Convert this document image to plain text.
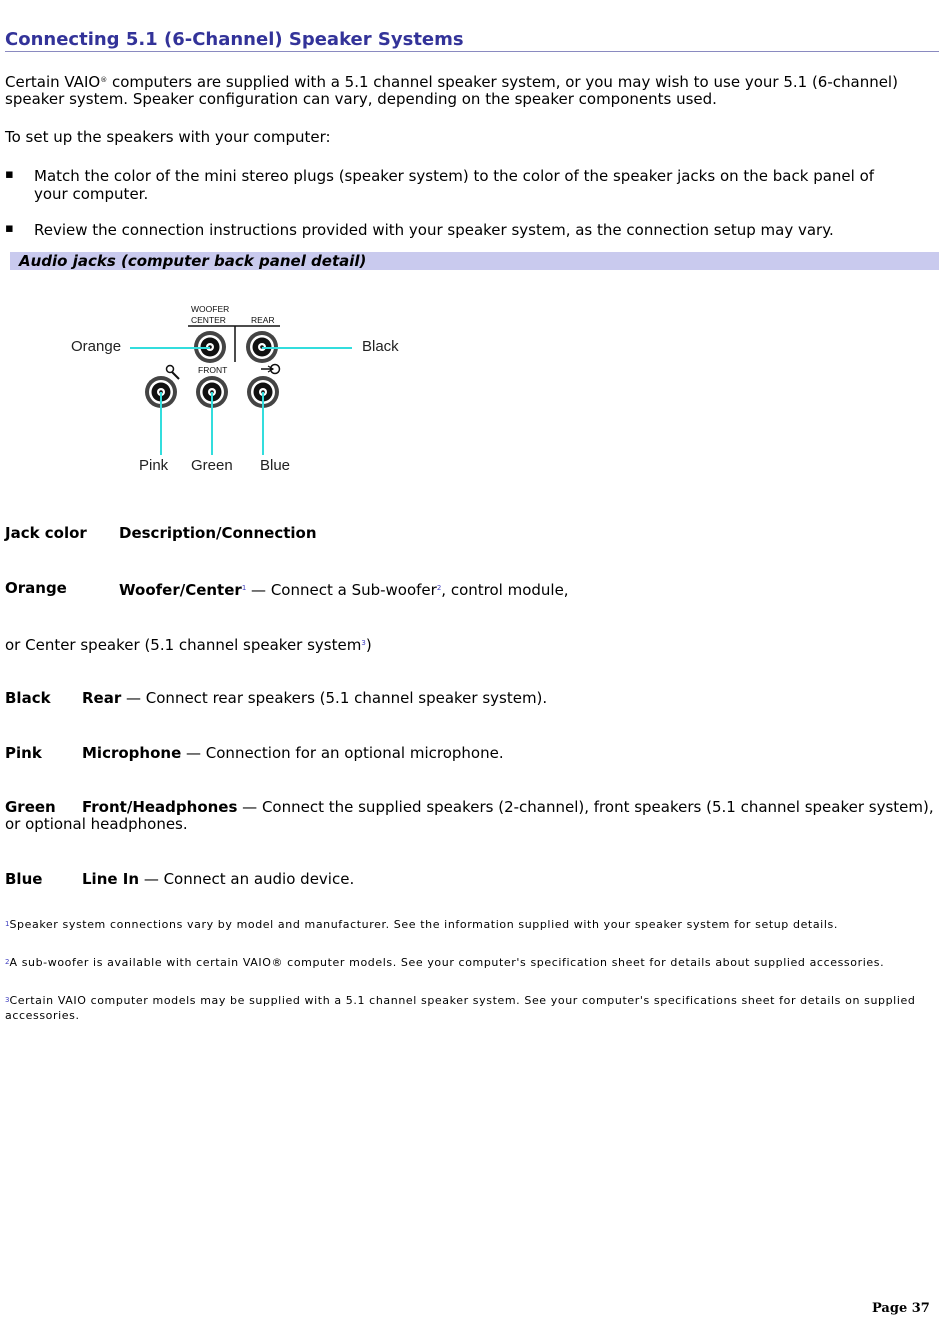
Connecting 5.1 (6-Channel) Speaker Systems
Certain VAIO® computers are supplied with a 5.1 channel speaker system, or you may wish to use your 5.1 (6-channel) speaker system. Speaker configuration can vary, depending on the speaker components used.
To set up the speakers with your computer:
▪ Match the color of the mini stereo plugs (speaker system) to the color of the speaker jacks on the back panel of your computer.
▪ Review the connection instructions provided with your speaker system, as the connection setup may vary.
Audio jacks (computer back panel detail)
WOOFER
CENTER	REAR
FRONT
Orange	Black
Pink Green Blue
Jack color Description/Connection
Orange	Woofer/Center$^1$ — Connect a Sub-woofer$^2$, control module,
or Center speaker (5.1 channel speaker system$^3$)
Black Rear — Connect rear speakers (5.1 channel speaker system).
Pink	Microphone — Connection for an optional microphone.
Green Front/Headphones — Connect the supplied speakers (2-channel), front speakers (5.1 channel speaker system), or optional headphones.
Blue	Line In — Connect an audio device.
$^1$Speaker system connections vary by model and manufacturer. See the information supplied with your speaker system for setup details.
$^2$A sub-woofer is available with certain VAIO® computer models. See your computer's specification sheet for details about supplied accessories.
$^3$Certain VAIO computer models may be supplied with a 5.1 channel speaker system. See your computer's specifications sheet for details on supplied accessories.
Page 37
